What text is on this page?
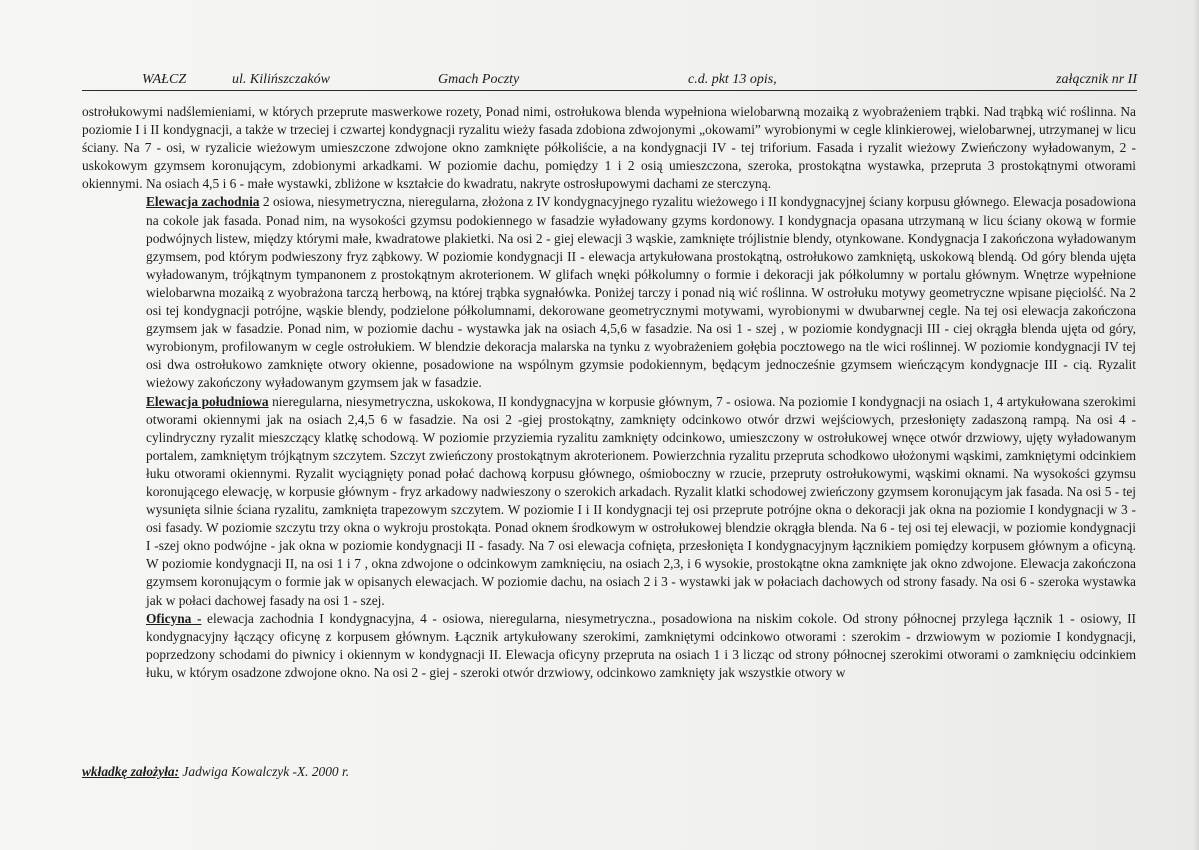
WAŁCZ	ul. Kilińszczaków	Gmach Poczty	c.d. pkt 13 opis,	załącznik nr II

ostrołukowymi nadślemieniami, w których przeprute maswerkowe rozety, Ponad nimi, ostrołukowa blenda wypełniona wielobarwną mozaiką z wyobrażeniem trąbki. Nad trąbką wić roślinna. Na poziomie I i II kondygnacji, a także w trzeciej i czwartej kondygnacji ryzalitu wieży fasada zdobiona zdwojonymi „okowami” wyrobionymi w cegle klinkierowej, wielobarwnej, utrzymanej w licu ściany. Na 7 - osi, w ryzalicie wieżowym umieszczone zdwojone okno zamknięte półkoliście, a na kondygnacji IV - tej triforium. Fasada i ryzalit wieżowy Zwieńczony wyładowanym, 2 - uskokowym gzymsem koronującym, zdobionymi arkadkami. W poziomie dachu, pomiędzy 1 i 2 osią umieszczona, szeroka, prostokątna wystawka, przepruta 3 prostokątnymi otworami okiennymi. Na osiach 4,5 i 6 - małe wystawki, zbliżone w kształcie do kwadratu, nakryte ostrosłupowymi dachami ze sterczyną.

Elewacja zachodnia 2 osiowa, niesymetryczna, nieregularna, złożona z IV kondygnacyjnego ryzalitu wieżowego i II kondygnacyjnej ściany korpusu głównego. Elewacja posadowiona na cokole jak fasada. Ponad nim, na wysokości gzymsu podokiennego w fasadzie wyładowany gzyms kordonowy. I kondygnacja opasana utrzymaną w licu ściany okową w formie podwójnych listew, między którymi małe, kwadratowe plakietki. Na osi 2 - giej elewacji 3 wąskie, zamknięte trójlistnie blendy, otynkowane. Kondygnacja I zakończona wyładowanym gzymsem, pod którym podwieszony fryz ząbkowy. W poziomie kondygnacji II - elewacja artykułowana prostokątną, ostrołukowo zamkniętą, uskokową blendą. Od góry blenda ujęta wyładowanym, trójkątnym tympanonem z prostokątnym akroterionem. W glifach wnęki półkolumny o formie i dekoracji jak półkolumny w portalu głównym. Wnętrze wypełnione wielobarwna mozaiką z wyobrażona tarczą herbową, na której trąbka sygnałówka. Poniżej tarczy i ponad nią wić roślinna. W ostrołuku motywy geometryczne wpisane pięciolść. Na 2 osi tej kondygnacji potrójne, wąskie blendy, podzielone półkolumnami, dekorowane geometrycznymi motywami, wyrobionymi w dwubarwnej cegle. Na tej osi elewacja zakończona gzymsem jak w fasadzie. Ponad nim, w poziomie dachu - wystawka jak na osiach 4,5,6 w fasadzie. Na osi 1 - szej , w poziomie kondygnacji III - ciej okrągła blenda ujęta od góry, wyrobionym, profilowanym w cegle ostrołukiem. W blendzie dekoracja malarska na tynku z wyobrażeniem gołębia pocztowego na tle wici roślinnej. W poziomie kondygnacji IV tej osi dwa ostrołukowo zamknięte otwory okienne, posadowione na wspólnym gzymsie podokiennym, będącym jednocześnie gzymsem wieńczącym kondygnacje III - cią. Ryzalit wieżowy zakończony wyładowanym gzymsem jak w fasadzie.

Elewacja południowa nieregularna, niesymetryczna, uskokowa, II kondygnacyjna w korpusie głównym, 7 - osiowa. Na poziomie I kondygnacji na osiach 1, 4 artykułowana szerokimi otworami okiennymi jak na osiach 2,4,5 6 w fasadzie. Na osi 2 -giej prostokątny, zamknięty odcinkowo otwór drzwi wejściowych, przesłonięty zadaszoną rampą. Na osi 4 - cylindryczny ryzalit mieszczący klatkę schodową. W poziomie przyziemia ryzalitu zamknięty odcinkowo, umieszczony w ostrołukowej wnęce otwór drzwiowy, ujęty wyładowanym portalem, zamkniętym trójkątnym szczytem. Szczyt zwieńczony prostokątnym akroterionem. Powierzchnia ryzalitu przepruta schodkowo ułożonymi wąskimi, zamkniętymi odcinkiem łuku otworami okiennymi. Ryzalit wyciągnięty ponad połać dachową korpusu głównego, ośmioboczny w rzucie, przepruty ostrołukowymi, wąskimi oknami. Na wysokości gzymsu koronującego elewację, w korpusie głównym - fryz arkadowy nadwieszony o szerokich arkadach. Ryzalit klatki schodowej zwieńczony gzymsem koronującym jak fasada. Na osi 5 - tej wysunięta silnie ściana ryzalitu, zamknięta trapezowym szczytem. W poziomie I i II kondygnacji tej osi przeprute potrójne okna o dekoracji jak okna na poziomie I kondygnacji w 3 - osi fasady. W poziomie szczytu trzy okna o wykroju prostokąta. Ponad oknem środkowym w ostrołukowej blendzie okrągła blenda. Na 6 - tej osi tej elewacji, w poziomie kondygnacji I -szej okno podwójne - jak okna w poziomie kondygnacji II - fasady. Na 7 osi elewacja cofnięta, przesłonięta I kondygnacyjnym łącznikiem pomiędzy korpusem głównym a oficyną. W poziomie kondygnacji II, na osi 1 i 7 , okna zdwojone o odcinkowym zamknięciu, na osiach 2,3, i 6 wysokie, prostokątne okna zamknięte jak okno zdwojone. Elewacja zakończona gzymsem koronującym o formie jak w opisanych elewacjach. W poziomie dachu, na osiach 2 i 3 - wystawki jak w połaciach dachowych od strony fasady. Na osi 6 - szeroka wystawka jak w połaci dachowej fasady na osi 1 - szej.

Oficyna - elewacja zachodnia I kondygnacyjna, 4 - osiowa, nieregularna, niesymetryczna., posadowiona na niskim cokole. Od strony północnej przylega łącznik 1 - osiowy, II kondygnacyjny łączący oficynę z korpusem głównym. Łącznik artykułowany szerokimi, zamkniętymi odcinkowo otworami : szerokim - drzwiowym w poziomie I kondygnacji, poprzedzony schodami do piwnicy i okiennym w kondygnacji II. Elewacja oficyny przepruta na osiach 1 i 3 licząc od strony północnej szerokimi otworami o zamknięciu odcinkiem łuku, w którym osadzone zdwojone okno. Na osi 2 - giej - szeroki otwór drzwiowy, odcinkowo zamknięty jak wszystkie otwory w

wkładkę założyła: Jadwiga Kowalczyk -X. 2000 r.
